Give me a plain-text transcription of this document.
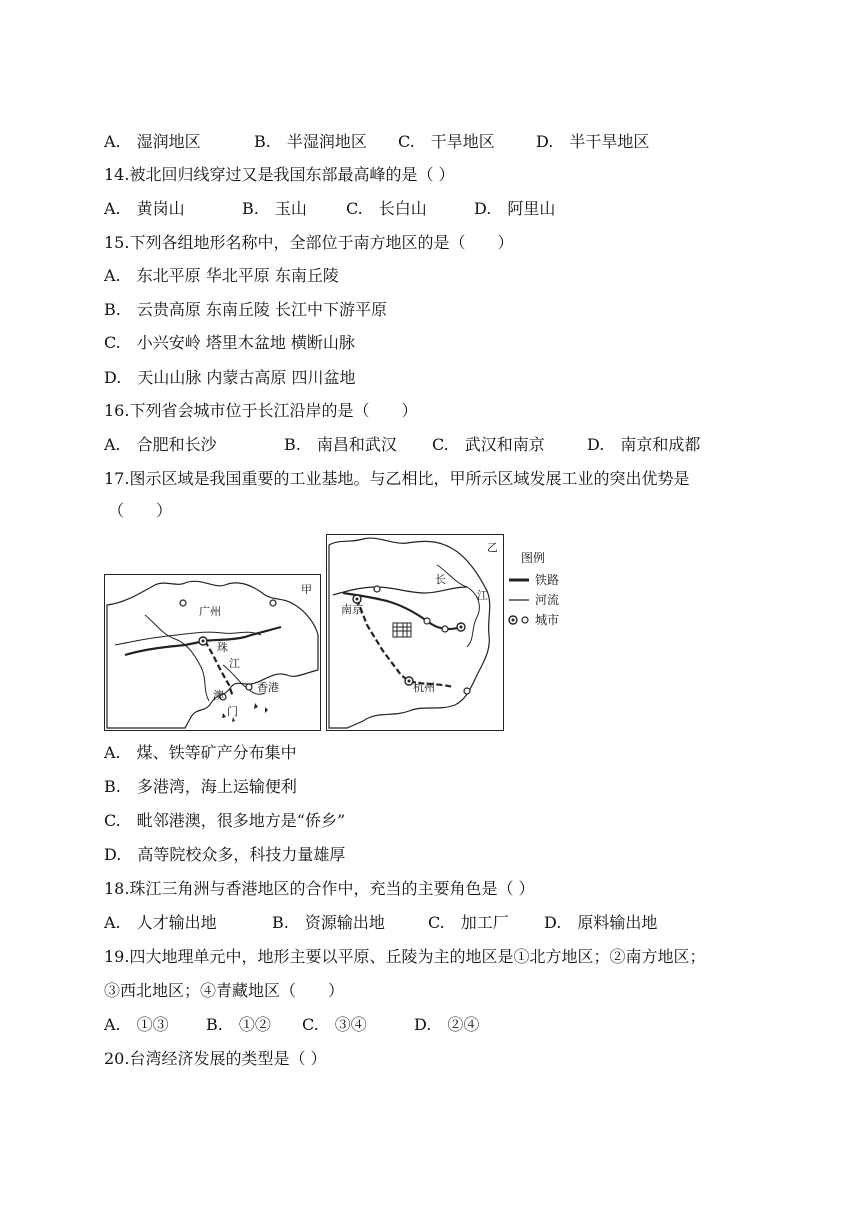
A.　湿润地区	B.　半湿润地区 C.　干旱地区	D.　半干旱地区
14.被北回归线穿过又是我国东部最高峰的是（ ）
A.　黄岗山	B.　玉山 C.　长白山	D.　阿里山
15.下列各组地形名称中，全部位于南方地区的是（　　）
A.　东北平原 华北平原 东南丘陵
B.　云贵高原 东南丘陵 长江中下游平原
C.　小兴安岭 塔里木盆地 横断山脉
D.　天山山脉 内蒙古高原 四川盆地
16.下列省会城市位于长江沿岸的是（　　）
A.　合肥和长沙	B.　南昌和武汉 C.　武汉和南京	D.　南京和成都
17.图示区域是我国重要的工业基地。与乙相比，甲所示区域发展工业的突出优势是
（　　）
甲
广州
珠
江
澳
门
香港
乙
南京
长
江
杭州
图例
铁路
河流
城市
A.　煤、铁等矿产分布集中
B.　多港湾，海上运输便利
C.　毗邻港澳，很多地方是“侨乡”
D.　高等院校众多，科技力量雄厚
18.珠江三角洲与香港地区的合作中，充当的主要角色是（ ）
A.　人才输出地	B.　资源输出地	C.　加工厂 D.　原料输出地
19.四大地理单元中，地形主要以平原、丘陵为主的地区是①北方地区；②南方地区；
③西北地区；④青藏地区（　　）
A.　①③ B.　①② C.　③④	D.　②④
20.台湾经济发展的类型是（ ）
